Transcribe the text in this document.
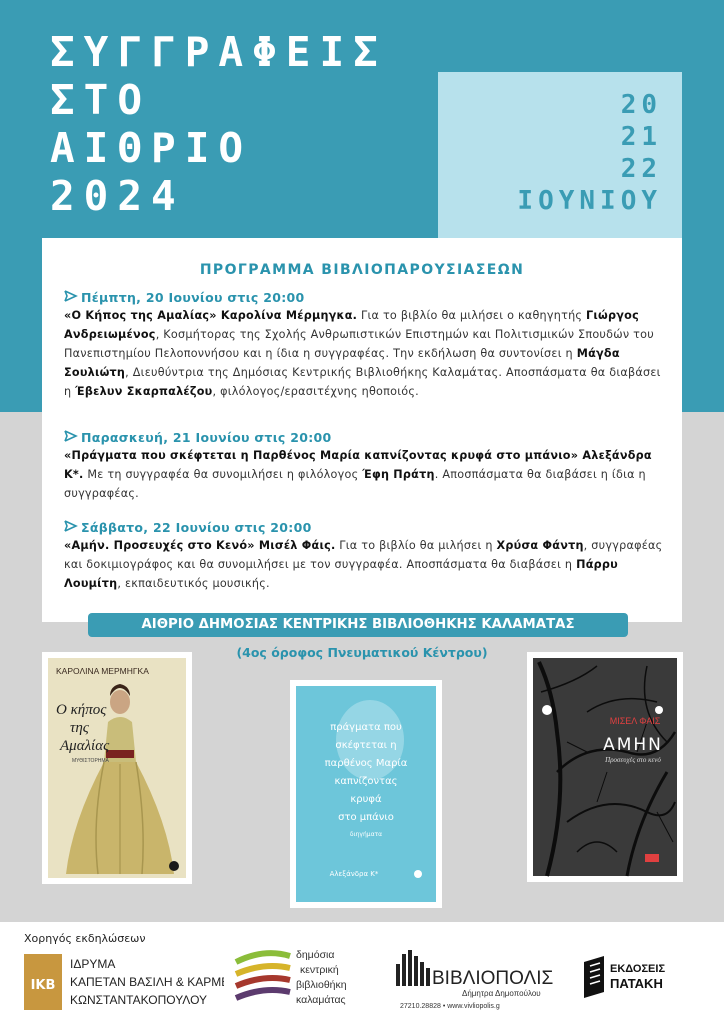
ΣΥΓΓΡΑΦΕΙΣ
ΣΤΟ
ΑΙΘΡΙΟ
2024
20
21
22
ΙΟΥΝΙΟΥ
ΠΡΟΓΡΑΜΜΑ ΒΙΒΛΙΟΠΑΡΟΥΣΙΑΣΕΩΝ
Πέμπτη, 20 Ιουνίου στις 20:00
«Ο Κήπος της Αμαλίας» Καρολίνα Μέρμηγκα. Για το βιβλίο θα μιλήσει ο καθηγητής Γιώργος Ανδρειωμένος, Κοσμήτορας της Σχολής Ανθρωπιστικών Επιστημών και Πολιτισμικών Σπουδών του Πανεπιστημίου Πελοποννήσου και η ίδια η συγγραφέας. Την εκδήλωση θα συντονίσει η Μάγδα Σουλιώτη, Διευθύντρια της Δημόσιας Κεντρικής Βιβλιοθήκης Καλαμάτας. Αποσπάσματα θα διαβάσει η Έβελυν Σκαρπαλέζου, φιλόλογος/ερασιτέχνης ηθοποιός.
Παρασκευή, 21 Ιουνίου στις 20:00
«Πράγματα που σκέφτεται η Παρθένος Μαρία καπνίζοντας κρυφά στο μπάνιο» Αλεξάνδρα Κ*. Με τη συγγραφέα θα συνομιλήσει η φιλόλογος Έφη Πράτη. Αποσπάσματα θα διαβάσει η ίδια η συγγραφέας.
Σάββατο, 22 Ιουνίου στις 20:00
«Αμήν. Προσευχές στο Κενό» Μισέλ Φάις. Για το βιβλίο θα μιλήσει η Χρύσα Φάντη, συγγραφέας και δοκιμιογράφος και θα συνομιλήσει με τον συγγραφέα. Αποσπάσματα θα διαβάσει η Πάρρυ Λουμίτη, εκπαιδευτικός μουσικής.
ΑΙΘΡΙΟ ΔΗΜΟΣΙΑΣ ΚΕΝΤΡΙΚΗΣ ΒΙΒΛΙΟΘΗΚΗΣ ΚΑΛΑΜΑΤΑΣ
(4ος όροφος Πνευματικού Κέντρου)
ΚΑΡΟΛΙΝΑ ΜΕΡΜΗΓΚΑ
Ο κήπος
της
Αμαλίας
ΜΥΘΙΣΤΟΡΗΜΑ
πράγματα που
σκέφτεται η
παρθένος Μαρία
καπνίζοντας
κρυφά
στο μπάνιο
διηγήματα
Αλεξάνδρα Κ*
ΜΙΣΕΛ ΦΑΙΣ
ΑΜΗΝ
Προσευχές στο κενό
Χορηγός εκδηλώσεων
ΙΚΒ
ΙΔΡΥΜΑ
ΚΑΠΕΤΑΝ ΒΑΣΙΛΗ & ΚΑΡΜΕΝ
ΚΩΝΣΤΑΝΤΑΚΟΠΟΥΛΟΥ
δημόσια
κεντρική
βιβλιοθήκη
καλαμάτας
ΒΙΒΛΙΟΠΟΛΙΣ
Δήμητρα Δημοπούλου
27210.28828 • www.vivliopolis.g
ΕΚΔΟΣΕΙΣ
ΠΑΤΑΚΗ
